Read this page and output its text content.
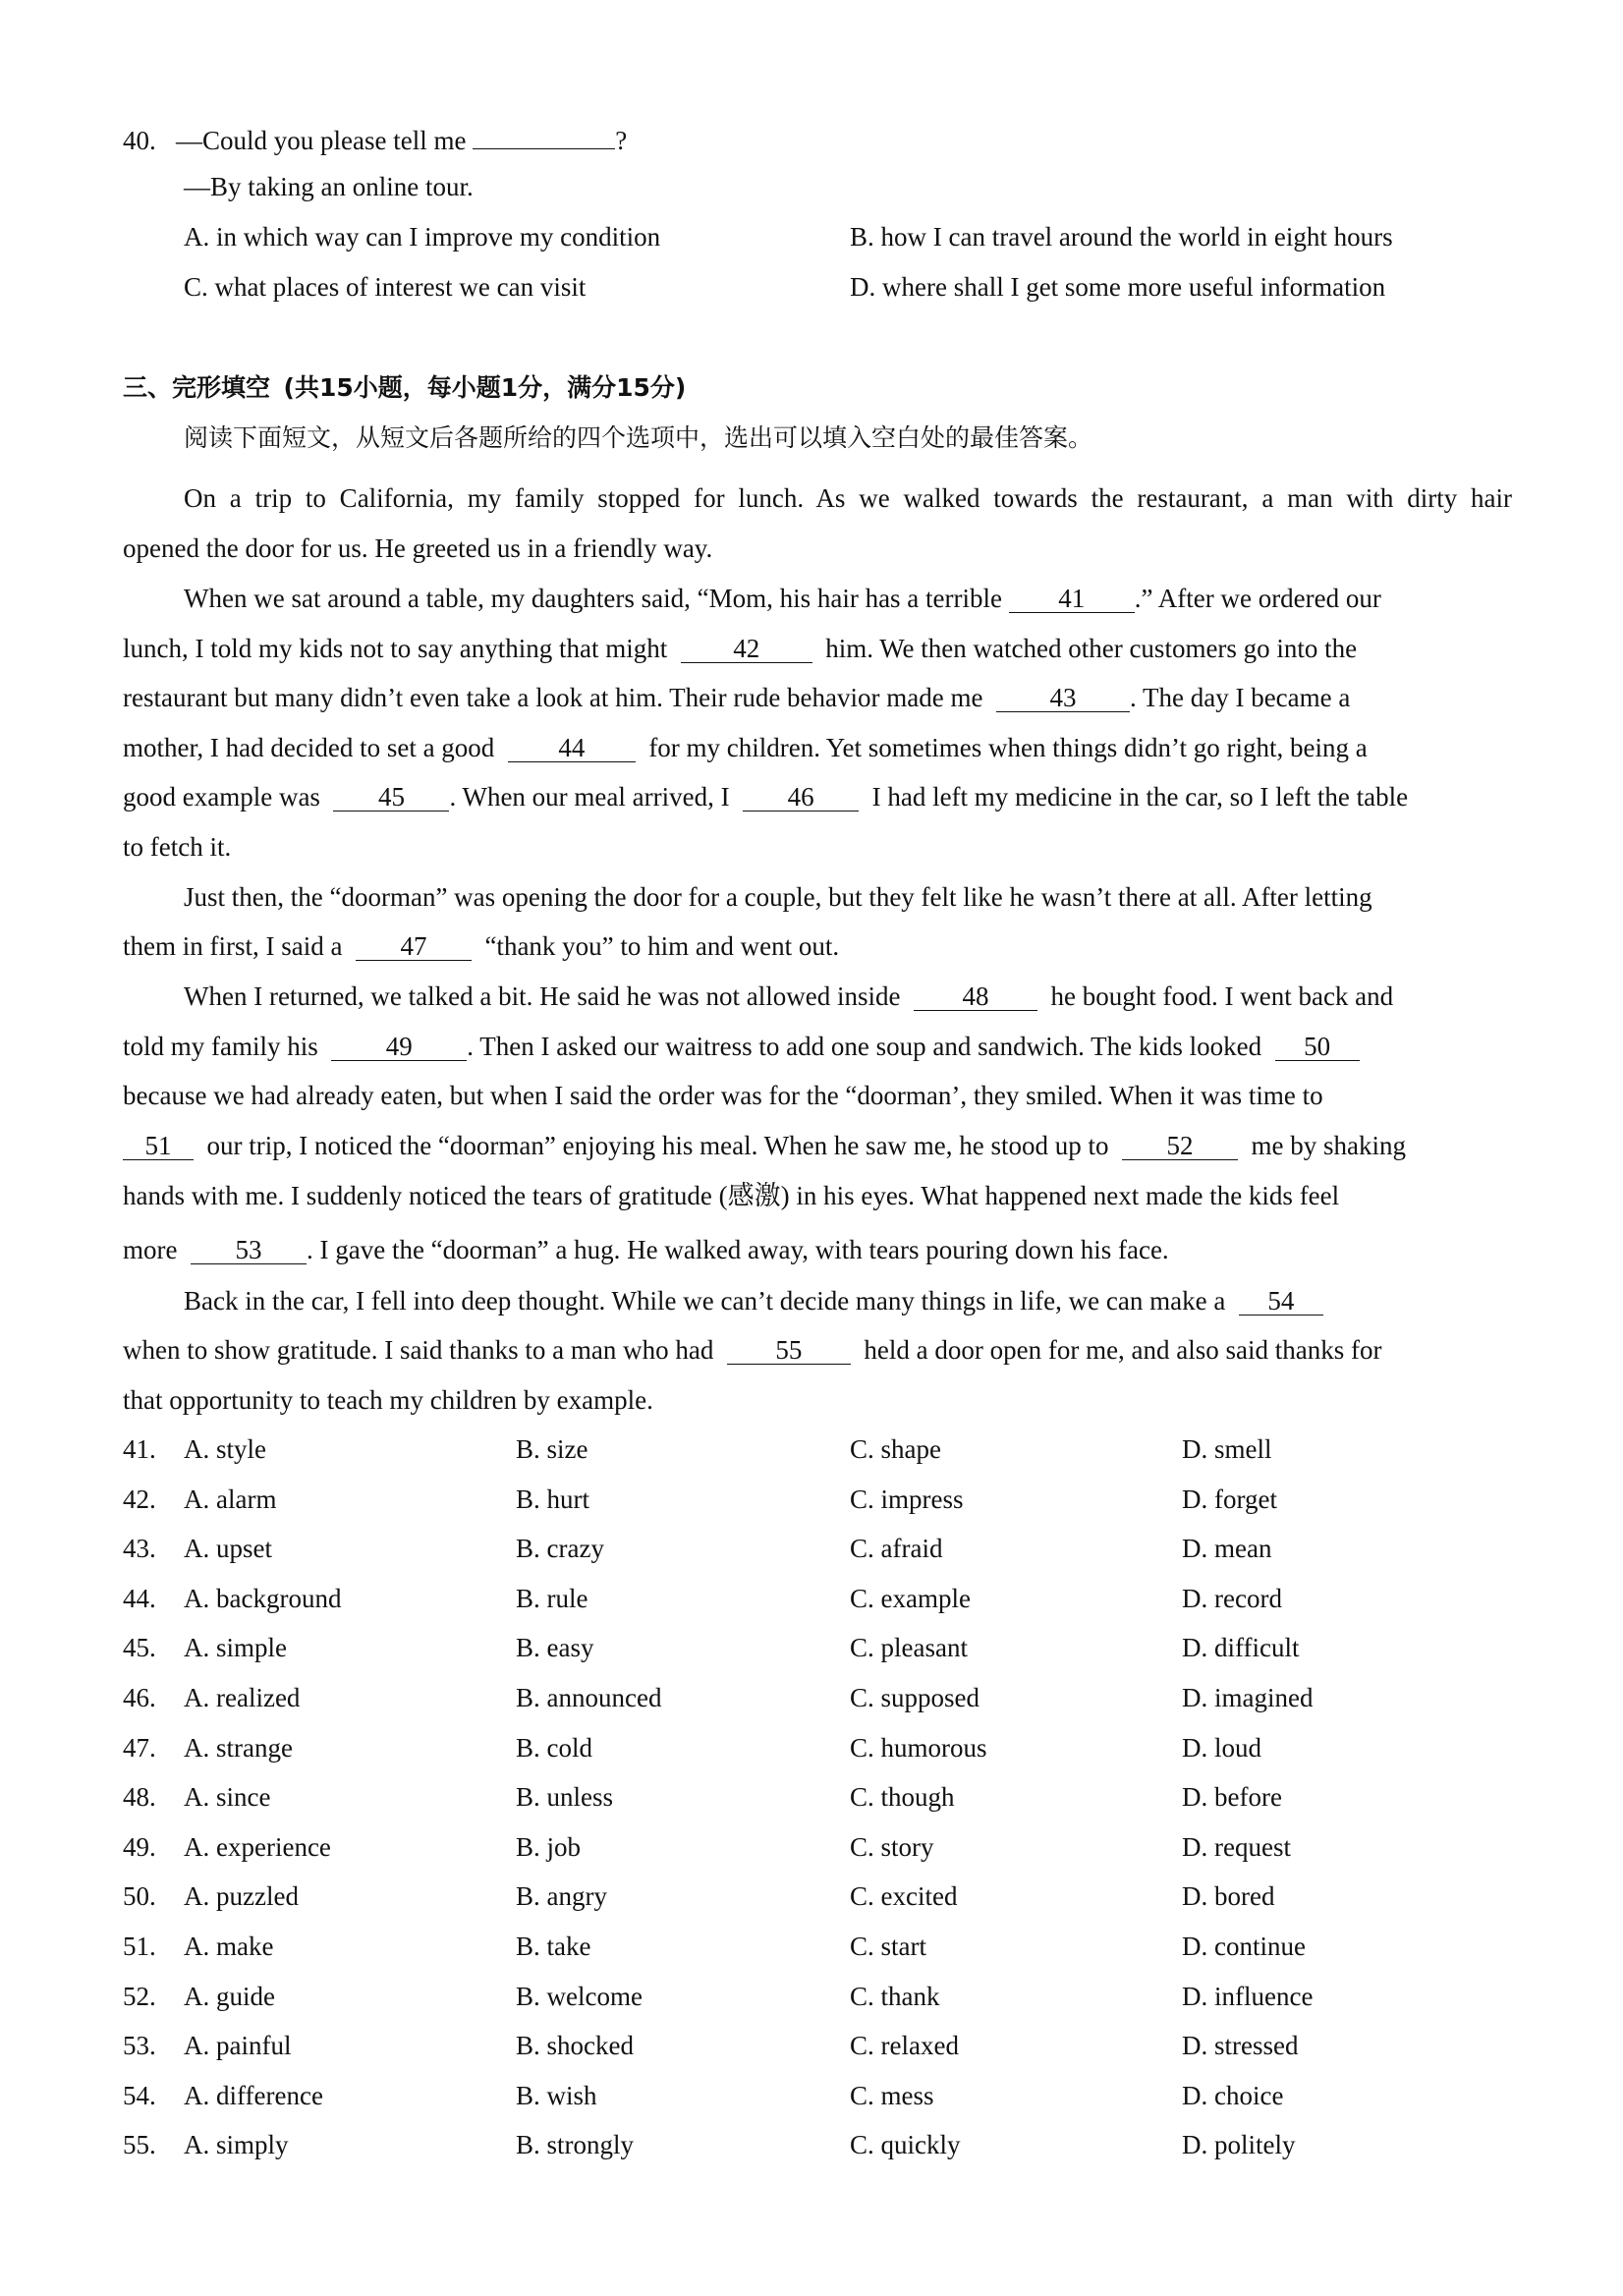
40. —Could you please tell me	?
—By taking an online tour.
A. in which way can I improve my condition	B. how I can travel around the world in eight hours
C. what places of interest we can visit	D. where shall I get some more useful information
三、完形填空 (共15小题，每小题1分，满分15分)
阅读下面短文，从短文后各题所给的四个选项中，选出可以填入空白处的最佳答案。
On a trip to California, my family stopped for lunch. As we walked towards the restaurant, a man with dirty hair
opened the door for us. He greeted us in a friendly way.
When we sat around a table, my daughters said, “Mom, his hair has a terrible 41 .” After we ordered our
lunch, I told my kids not to say anything that might 42 him. We then watched other customers go into the
restaurant but many didn’t even take a look at him. Their rude behavior made me	43 . The day I became a
mother, I had decided to set a good 44 for my children. Yet sometimes when things didn’t go right, being a
good example was 45 . When our meal arrived, I 46 I had left my medicine in the car, so I left the table
to fetch it.
Just then, the “doorman” was opening the door for a couple, but they felt like he wasn’t there at all. After letting
them in first, I said a 47 “thank you” to him and went out.
When I returned, we talked a bit. He said he was not allowed inside 48 he bought food. I went back and
told my family his	49 . Then I asked our waitress to add one soup and sandwich. The kids looked 50
because we had already eaten, but when I said the order was for the “doorman’, they smiled. When it was time to
51 our trip, I noticed the “doorman” enjoying his meal. When he saw me, he stood up to 52 me by shaking
hands with me. I suddenly noticed the tears of gratitude (感激) in his eyes. What happened next made the kids feel
more 53 . I gave the “doorman” a hug. He walked away, with tears pouring down his face.
Back in the car, I fell into deep thought. While we can’t decide many things in life, we can make a 54
when to show gratitude. I said thanks to a man who had 55 held a door open for me, and also said thanks for
that opportunity to teach my children by example.
41. A. style	B. size	C. shape	D. smell
42. A. alarm	B. hurt	C. impress	D. forget
43. A. upset	B. crazy	C. afraid	D. mean
44. A. background	B. rule	C. example	D. record
45. A. simple	B. easy	C. pleasant	D. difficult
46. A. realized	B. announced	C. supposed	D. imagined
47. A. strange	B. cold	C. humorous	D. loud
48. A. since	B. unless	C. though	D. before
49. A. experience	B. job	C. story	D. request
50. A. puzzled	B. angry	C. excited	D. bored
51. A. make	B. take	C. start	D. continue
52. A. guide	B. welcome	C. thank	D. influence
53. A. painful	B. shocked	C. relaxed	D. stressed
54. A. difference	B. wish	C. mess	D. choice
55. A. simply	B. strongly	C. quickly	D. politely
